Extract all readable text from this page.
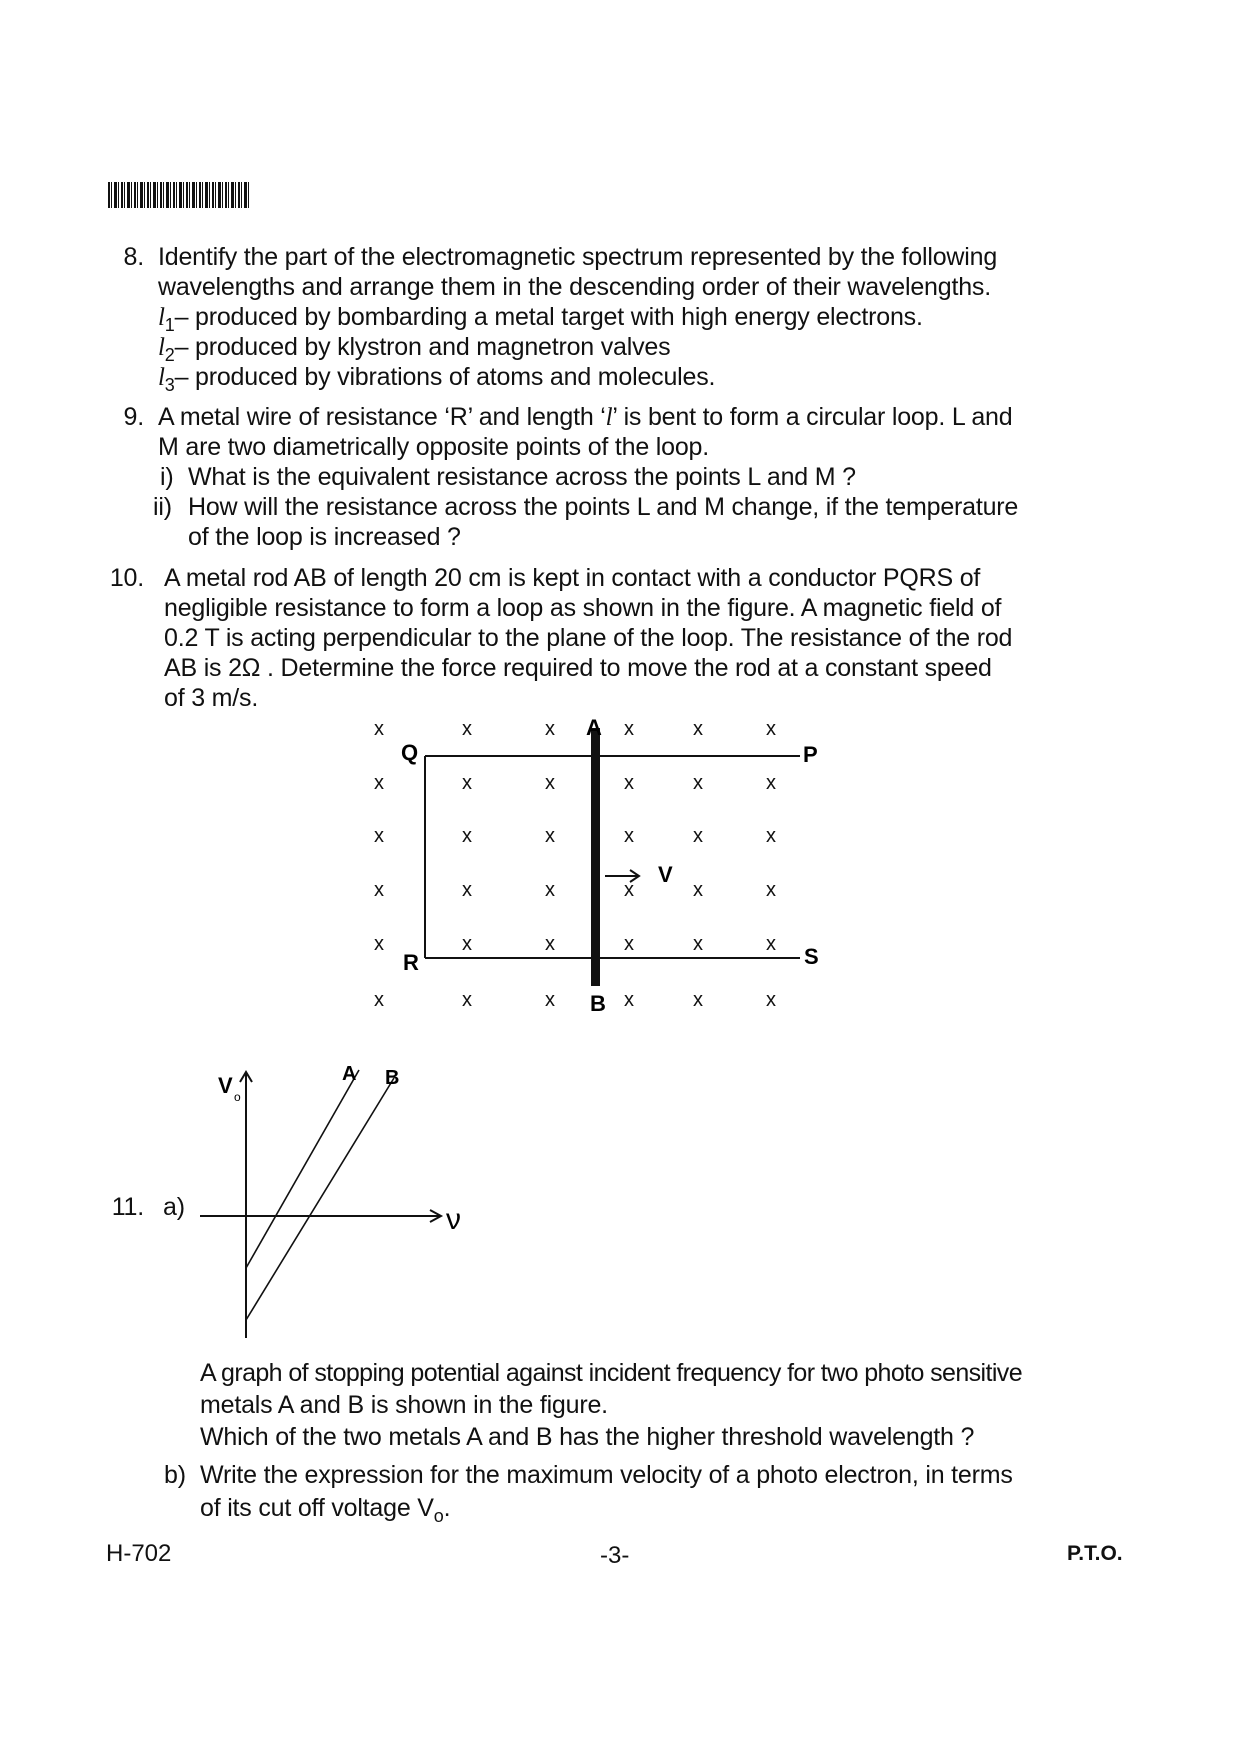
8. Identify the part of the electromagnetic spectrum represented by the following
wavelengths and arrange them in the descending order of their wavelengths.
$l_1-$ produced by bombarding a metal target with high energy electrons.
$l_2-$ produced by klystron and magnetron valves
$l_3-$ produced by vibrations of atoms and molecules.
9. A metal wire of resistance ‘R’ and length ‘l’ is bent to form a circular loop. L and
M are two diametrically opposite points of the loop.
i) What is the equivalent resistance across the points L and M ?
ii) How will the resistance across the points L and M change, if the temperature
of the loop is increased ?
10. A metal rod AB of length 20 cm is kept in contact with a conductor PQRS of
negligible resistance to form a loop as shown in the figure. A magnetic field of
0.2 T is acting perpendicular to the plane of the loop. The resistance of the rod
AB is 2Ω . Determine the force required to move the rod at a constant speed
of 3 m/s.
x	x	x	x	x	x
x	x	x	x	x	x
x	x	x	x	x	x
x	x	x	x	x	x
x	x	x	x	x	x
x	x	x	x	x	x
A
B
P
Q
R	S
V
11. a)
V o
ν
A B
A graph of stopping potential against incident frequency for two photo sensitive
metals A and B is shown in the figure.
Which of the two metals A and B has the higher threshold wavelength ?
b) Write the expression for the maximum velocity of a photo electron, in terms
of its cut off voltage $V_o$.
H-702	-3-	P.T.O.
